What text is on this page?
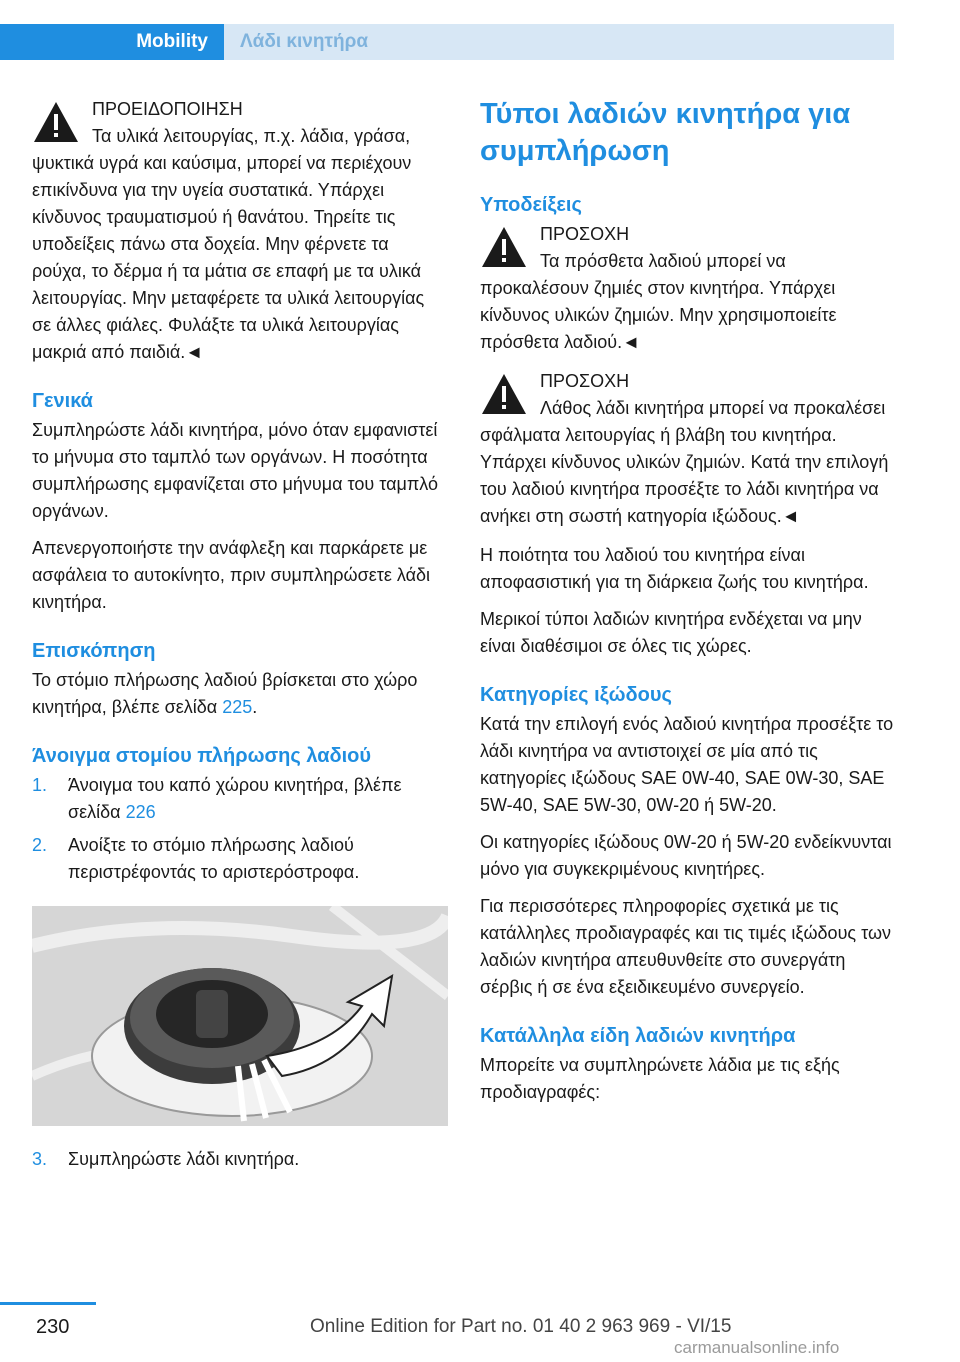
Mobility	Λάδι κινητήρα
ΠΡΟΕΙΔΟΠΟΙΗΣΗ
Τα υλικά λειτουργίας, π.χ. λάδια, γράσα, ψυκτικά υγρά και καύσιμα, μπορεί να περιέχουν επικίνδυνα για την υγεία συστατικά. Υπάρχει κίνδυνος τραυματισμού ή θανάτου. Τηρείτε τις υποδείξεις πάνω στα δοχεία. Μην φέρνετε τα ρούχα, το δέρμα ή τα μάτια σε επαφή με τα υλικά λειτουργίας. Μην μεταφέρετε τα υλικά λειτουργίας σε άλλες φιάλες. Φυλάξτε τα υλικά λειτουργίας μακριά από παιδιά.◄
Γενικά

Συμπληρώστε λάδι κινητήρα, μόνο όταν εμφανιστεί το μήνυμα στο ταμπλό των οργάνων. Η ποσότητα συμπλήρωσης εμφανίζεται στο μήνυμα του ταμπλό οργάνων.

Απενεργοποιήστε την ανάφλεξη και παρκάρετε με ασφάλεια το αυτοκίνητο, πριν συμπληρώσετε λάδι κινητήρα.

Επισκόπηση

Το στόμιο πλήρωσης λαδιού βρίσκεται στο χώρο κινητήρα, βλέπε σελίδα 225.

Άνοιγμα στομίου πλήρωσης λαδιού
1.	Άνοιγμα του καπό χώρου κινητήρα, βλέπε σελίδα 226
2.	Ανοίξτε το στόμιο πλήρωσης λαδιού περιστρέφοντάς το αριστερόστροφα.
3.	Συμπληρώστε λάδι κινητήρα.
Τύποι λαδιών κινητήρα για συμπλήρωση
Υποδείξεις
ΠΡΟΣΟΧΗ
Τα πρόσθετα λαδιού μπορεί να προκαλέσουν ζημιές στον κινητήρα. Υπάρχει κίνδυνος υλικών ζημιών. Μην χρησιμοποιείτε πρόσθετα λαδιού.◄
ΠΡΟΣΟΧΗ
Λάθος λάδι κινητήρα μπορεί να προκαλέσει σφάλματα λειτουργίας ή βλάβη του κινητήρα. Υπάρχει κίνδυνος υλικών ζημιών. Κατά την επιλογή του λαδιού κινητήρα προσέξτε το λάδι κινητήρα να ανήκει στη σωστή κατηγορία ιξώδους.◄

Η ποιότητα του λαδιού του κινητήρα είναι αποφασιστική για τη διάρκεια ζωής του κινητήρα.

Μερικοί τύποι λαδιών κινητήρα ενδέχεται να μην είναι διαθέσιμοι σε όλες τις χώρες.

Κατηγορίες ιξώδους

Κατά την επιλογή ενός λαδιού κινητήρα προσέξτε το λάδι κινητήρα να αντιστοιχεί σε μία από τις κατηγορίες ιξώδους SAE 0W-40, SAE 0W-30, SAE 5W-40, SAE 5W-30, 0W-20 ή 5W-20.

Οι κατηγορίες ιξώδους 0W-20 ή 5W-20 ενδείκνυνται μόνο για συγκεκριμένους κινητήρες.

Για περισσότερες πληροφορίες σχετικά με τις κατάλληλες προδιαγραφές και τις τιμές ιξώδους των λαδιών κινητήρα απευθυνθείτε στο συνεργάτη σέρβις ή σε ένα εξειδικευμένο συνεργείο.

Κατάλληλα είδη λαδιών κινητήρα

Μπορείτε να συμπληρώνετε λάδια με τις εξής προδιαγραφές:

230	Online Edition for Part no. 01 40 2 963 969 - VI/15
carmanualsonline.info
